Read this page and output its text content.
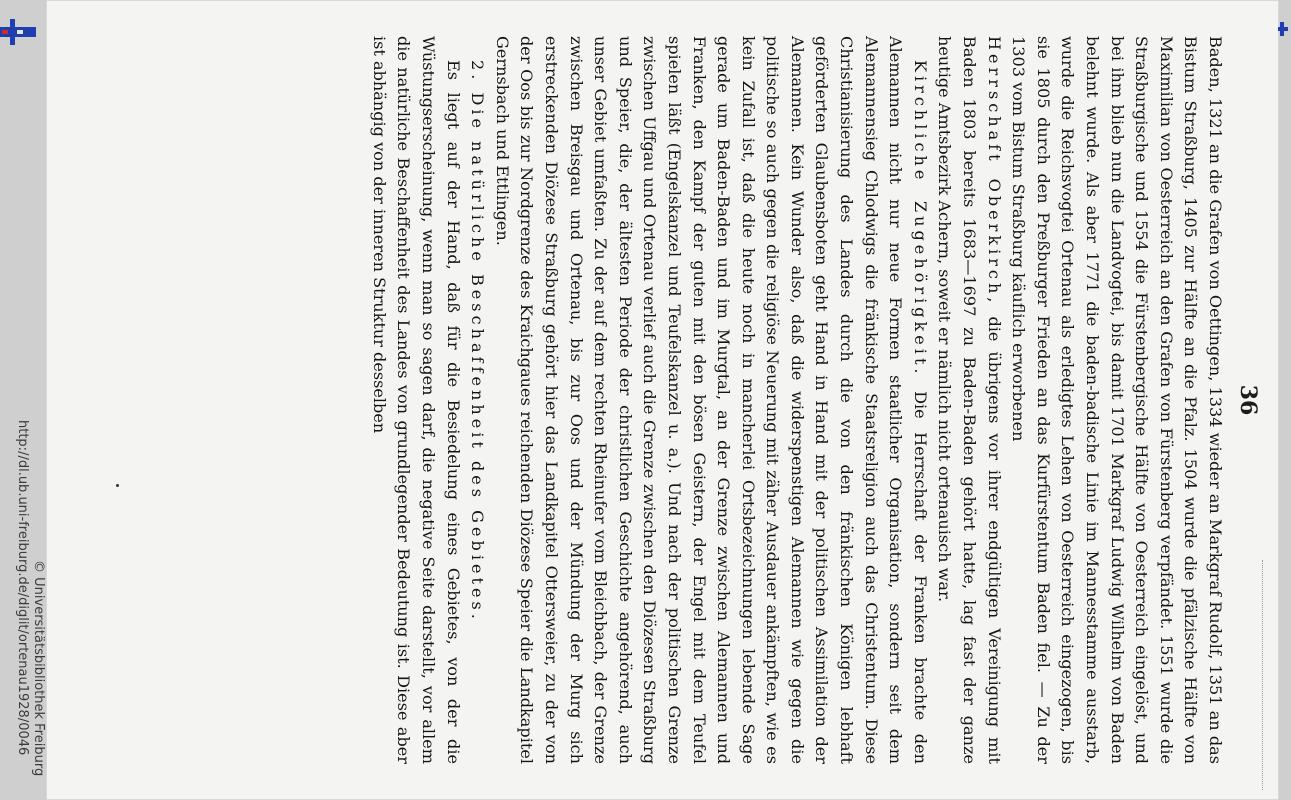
http://dl.ub.uni-freiburg.de/diglit/ortenau1928/0046 © Universitätsbibliothek Freiburg
36

Baden, 1321 an die Grafen von Oettingen, 1334 wieder an Markgraf Rudolf, 1351 an das Bistum Straßburg, 1405 zur Hälfte an die Pfalz. 1504 wurde die pfälzische Hälfte von Maximilian von Oesterreich an den Grafen von Fürstenberg verpfändet. 1551 wurde die Straßburgische und 1554 die Fürstenbergische Hälfte von Oesterreich eingelöst, und bei ihm blieb nun die Landvogtei, bis damit 1701 Markgraf Ludwig Wilhelm von Baden belehnt wurde. Als aber 1771 die baden-badische Linie im Mannesstamme ausstarb, wurde die Reichsvogtei Ortenau als erledigtes Lehen von Oesterreich eingezogen, bis sie 1805 durch den Preßburger Frieden an das Kurfürstentum Baden fiel. — Zu der 1303 vom Bistum Straßburg käuflich erworbenen

Herrschaft Oberkirch, die übrigens vor ihrer endgültigen Vereinigung mit Baden 1803 bereits 1683—1697 zu Baden-Baden gehört hatte, lag fast der ganze heutige Amtsbezirk Achern, soweit er nämlich nicht ortenauisch war.

Kirchliche Zugehörigkeit. Die Herrschaft der Franken brachte den Alemannen nicht nur neue Formen staatlicher Organisation, sondern seit dem Alemannensieg Chlodwigs die fränkische Staatsreligion auch das Christentum. Diese Christianisierung des Landes durch die von den fränkischen Königen lebhaft geförderten Glaubensboten geht Hand in Hand mit der politischen Assimilation der Alemannen. Kein Wunder also, daß die widerspenstigen Alemannen wie gegen die politische so auch gegen die religiöse Neuerung mit zäher Ausdauer ankämpften, wie es kein Zufall ist, daß die heute noch in mancherlei Ortsbezeichnungen lebende Sage gerade um Baden-Baden und im Murgtal, an der Grenze zwischen Alemannen und Franken, den Kampf der guten mit den bösen Geistern, der Engel mit dem Teufel spielen läßt (Engelskanzel und Teufelskanzel u. a.). Und nach der politischen Grenze zwischen Uffgau und Ortenau verlief auch die Grenze zwischen den Diözesen Straßburg und Speier, die, der ältesten Periode der christlichen Geschichte angehörend, auch unser Gebiet umfaßten. Zu der auf dem rechten Rheinufer vom Bleichbach, der Grenze zwischen Breisgau und Ortenau, bis zur Oos und der Mündung der Murg sich erstreckenden Diözese Straßburg gehört hier das Landkapitel Ottersweier, zu der von der Oos bis zur Nordgrenze des Kraichgaues reichenden Diözese Speier die Landkapitel Gernsbach und Ettlingen.

2. Die natürliche Beschaffenheit des Gebietes.

Es liegt auf der Hand, daß für die Besiedelung eines Gebietes, von der die Wüstungserscheinung, wenn man so sagen darf, die negative Seite darstellt, vor allem die natürliche Beschaffenheit des Landes von grundlegender Bedeutung ist. Diese aber ist abhängig von der inneren Struktur desselben
